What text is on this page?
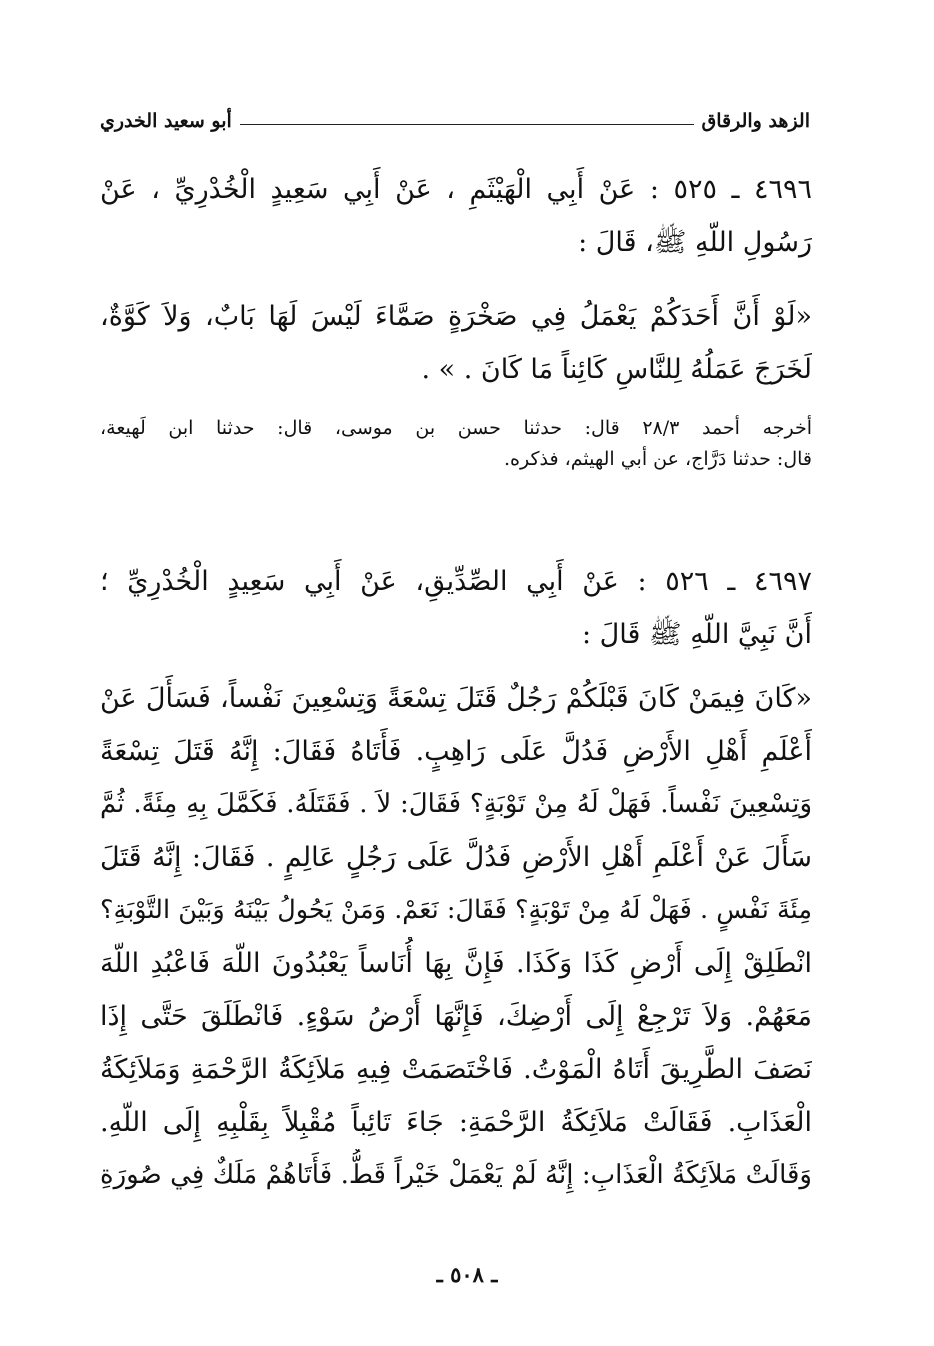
الزهد والرقاق
أبو سعيد الخدري
٤٦٩٦ ـ ٥٢٥ : عَنْ أَبِي الْهَيْثَمِ ، عَنْ أَبِي سَعِيدٍ الْخُدْرِيِّ ، عَنْ
رَسُولِ اللّهِ ﷺ، قَالَ :
«لَوْ أَنَّ أَحَدَكُمْ يَعْمَلُ فِي صَخْرَةٍ صَمَّاءَ لَيْسَ لَهَا بَابٌ، وَلاَ كَوَّةٌ،
لَخَرَجَ عَمَلُهُ لِلنَّاسِ كَائِناً مَا كَانَ . » .
أخرجه أحمد ٢٨/٣ قال: حدثنا حسن بن موسى، قال: حدثنا ابن لَهيعة،
قال: حدثنا دَرَّاج، عن أبي الهيثم، فذكره.
٤٦٩٧ ـ ٥٢٦ : عَنْ أَبِي الصِّدِّيقِ، عَنْ أَبِي سَعِيدٍ الْخُدْرِيِّ ؛
أَنَّ نَبِيَّ اللّهِ ﷺ قَالَ :
«كَانَ فِيمَنْ كَانَ قَبْلَكُمْ رَجُلٌ قَتَلَ تِسْعَةً وَتِسْعِينَ نَفْساً، فَسَأَلَ عَنْ
أَعْلَمِ أَهْلِ الأَرْضِ فَدُلَّ عَلَى رَاهِبٍ. فَأَتَاهُ فَقَالَ: إِنَّهُ قَتَلَ تِسْعَةً
وَتِسْعِينَ نَفْساً. فَهَلْ لَهُ مِنْ تَوْبَةٍ؟ فَقَالَ: لاَ . فَقَتَلَهُ. فَكَمَّلَ بِهِ مِئَةً. ثُمَّ
سَأَلَ عَنْ أَعْلَمِ أَهْلِ الأَرْضِ فَدُلَّ عَلَى رَجُلٍ عَالِمٍ . فَقَالَ: إِنَّهُ قَتَلَ
مِئَةَ نَفْسٍ . فَهَلْ لَهُ مِنْ تَوْبَةٍ؟ فَقَالَ: نَعَمْ. وَمَنْ يَحُولُ بَيْنَهُ وَبَيْنَ التَّوْبَةِ؟
انْطَلِقْ إِلَى أَرْضِ كَذَا وَكَذَا. فَإِنَّ بِهَا أُنَاساً يَعْبُدُونَ اللّهَ فَاعْبُدِ اللّهَ
مَعَهُمْ. وَلاَ تَرْجِعْ إِلَى أَرْضِكَ، فَإِنَّهَا أَرْضُ سَوْءٍ. فَانْطَلَقَ حَتَّى إِذَا
نَصَفَ الطَّرِيقَ أَتَاهُ الْمَوْتُ. فَاخْتَصَمَتْ فِيهِ مَلاَئِكَةُ الرَّحْمَةِ وَمَلاَئِكَةُ
الْعَذَابِ. فَقَالَتْ مَلاَئِكَةُ الرَّحْمَةِ: جَاءَ تَائِباً مُقْبِلاً بِقَلْبِهِ إِلَى اللّهِ.
وَقَالَتْ مَلاَئِكَةُ الْعَذَابِ: إِنَّهُ لَمْ يَعْمَلْ خَيْراً قَطُّ. فَأَتَاهُمْ مَلَكٌ فِي صُورَةِ
ـ ٥٠٨ ـ
